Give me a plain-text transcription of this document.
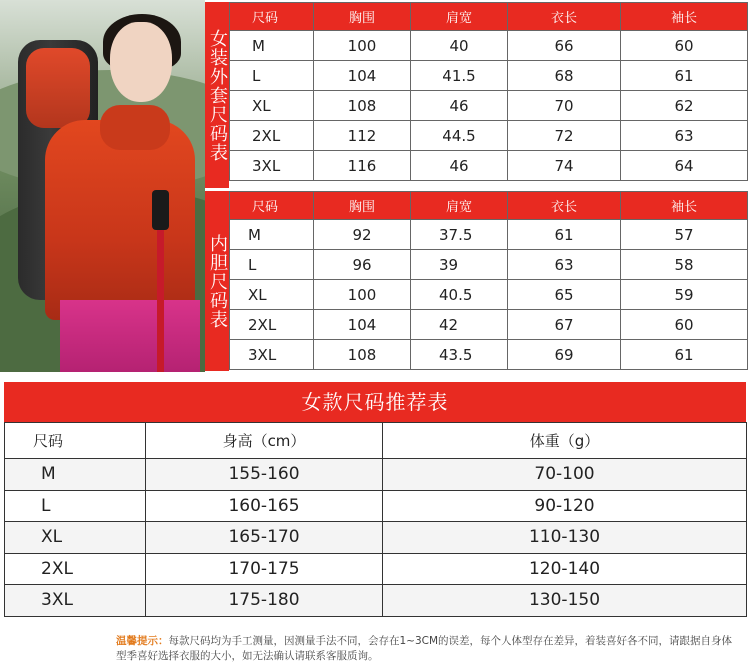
女装外套尺码表
内胆尺码表
尺码	胸围	肩宽	衣长	袖长
M	100	40	66	60
L	104	41.5	68	61
XL	108	46	70	62
2XL	112	44.5	72	63
3XL	116	46	74	64
尺码	胸围	肩宽	衣长	袖长
M	92	37.5	61	57
L	96	39	63	58
XL	100	40.5	65	59
2XL	104	42	67	60
3XL	108	43.5	69	61
女款尺码推荐表
尺码	身高（cm）	体重（g）
M	155-160	70-100
L	160-165	90-120
XL	165-170	110-130
2XL	170-175	120-140
3XL	175-180	130-150
温馨提示：每款尺码均为手工测量，因测量手法不同，会存在1~3CM的误差，每个人体型存在差异，着装喜好各不同，请跟据自身体型季喜好选择衣服的大小，如无法确认请联系客服质询。
